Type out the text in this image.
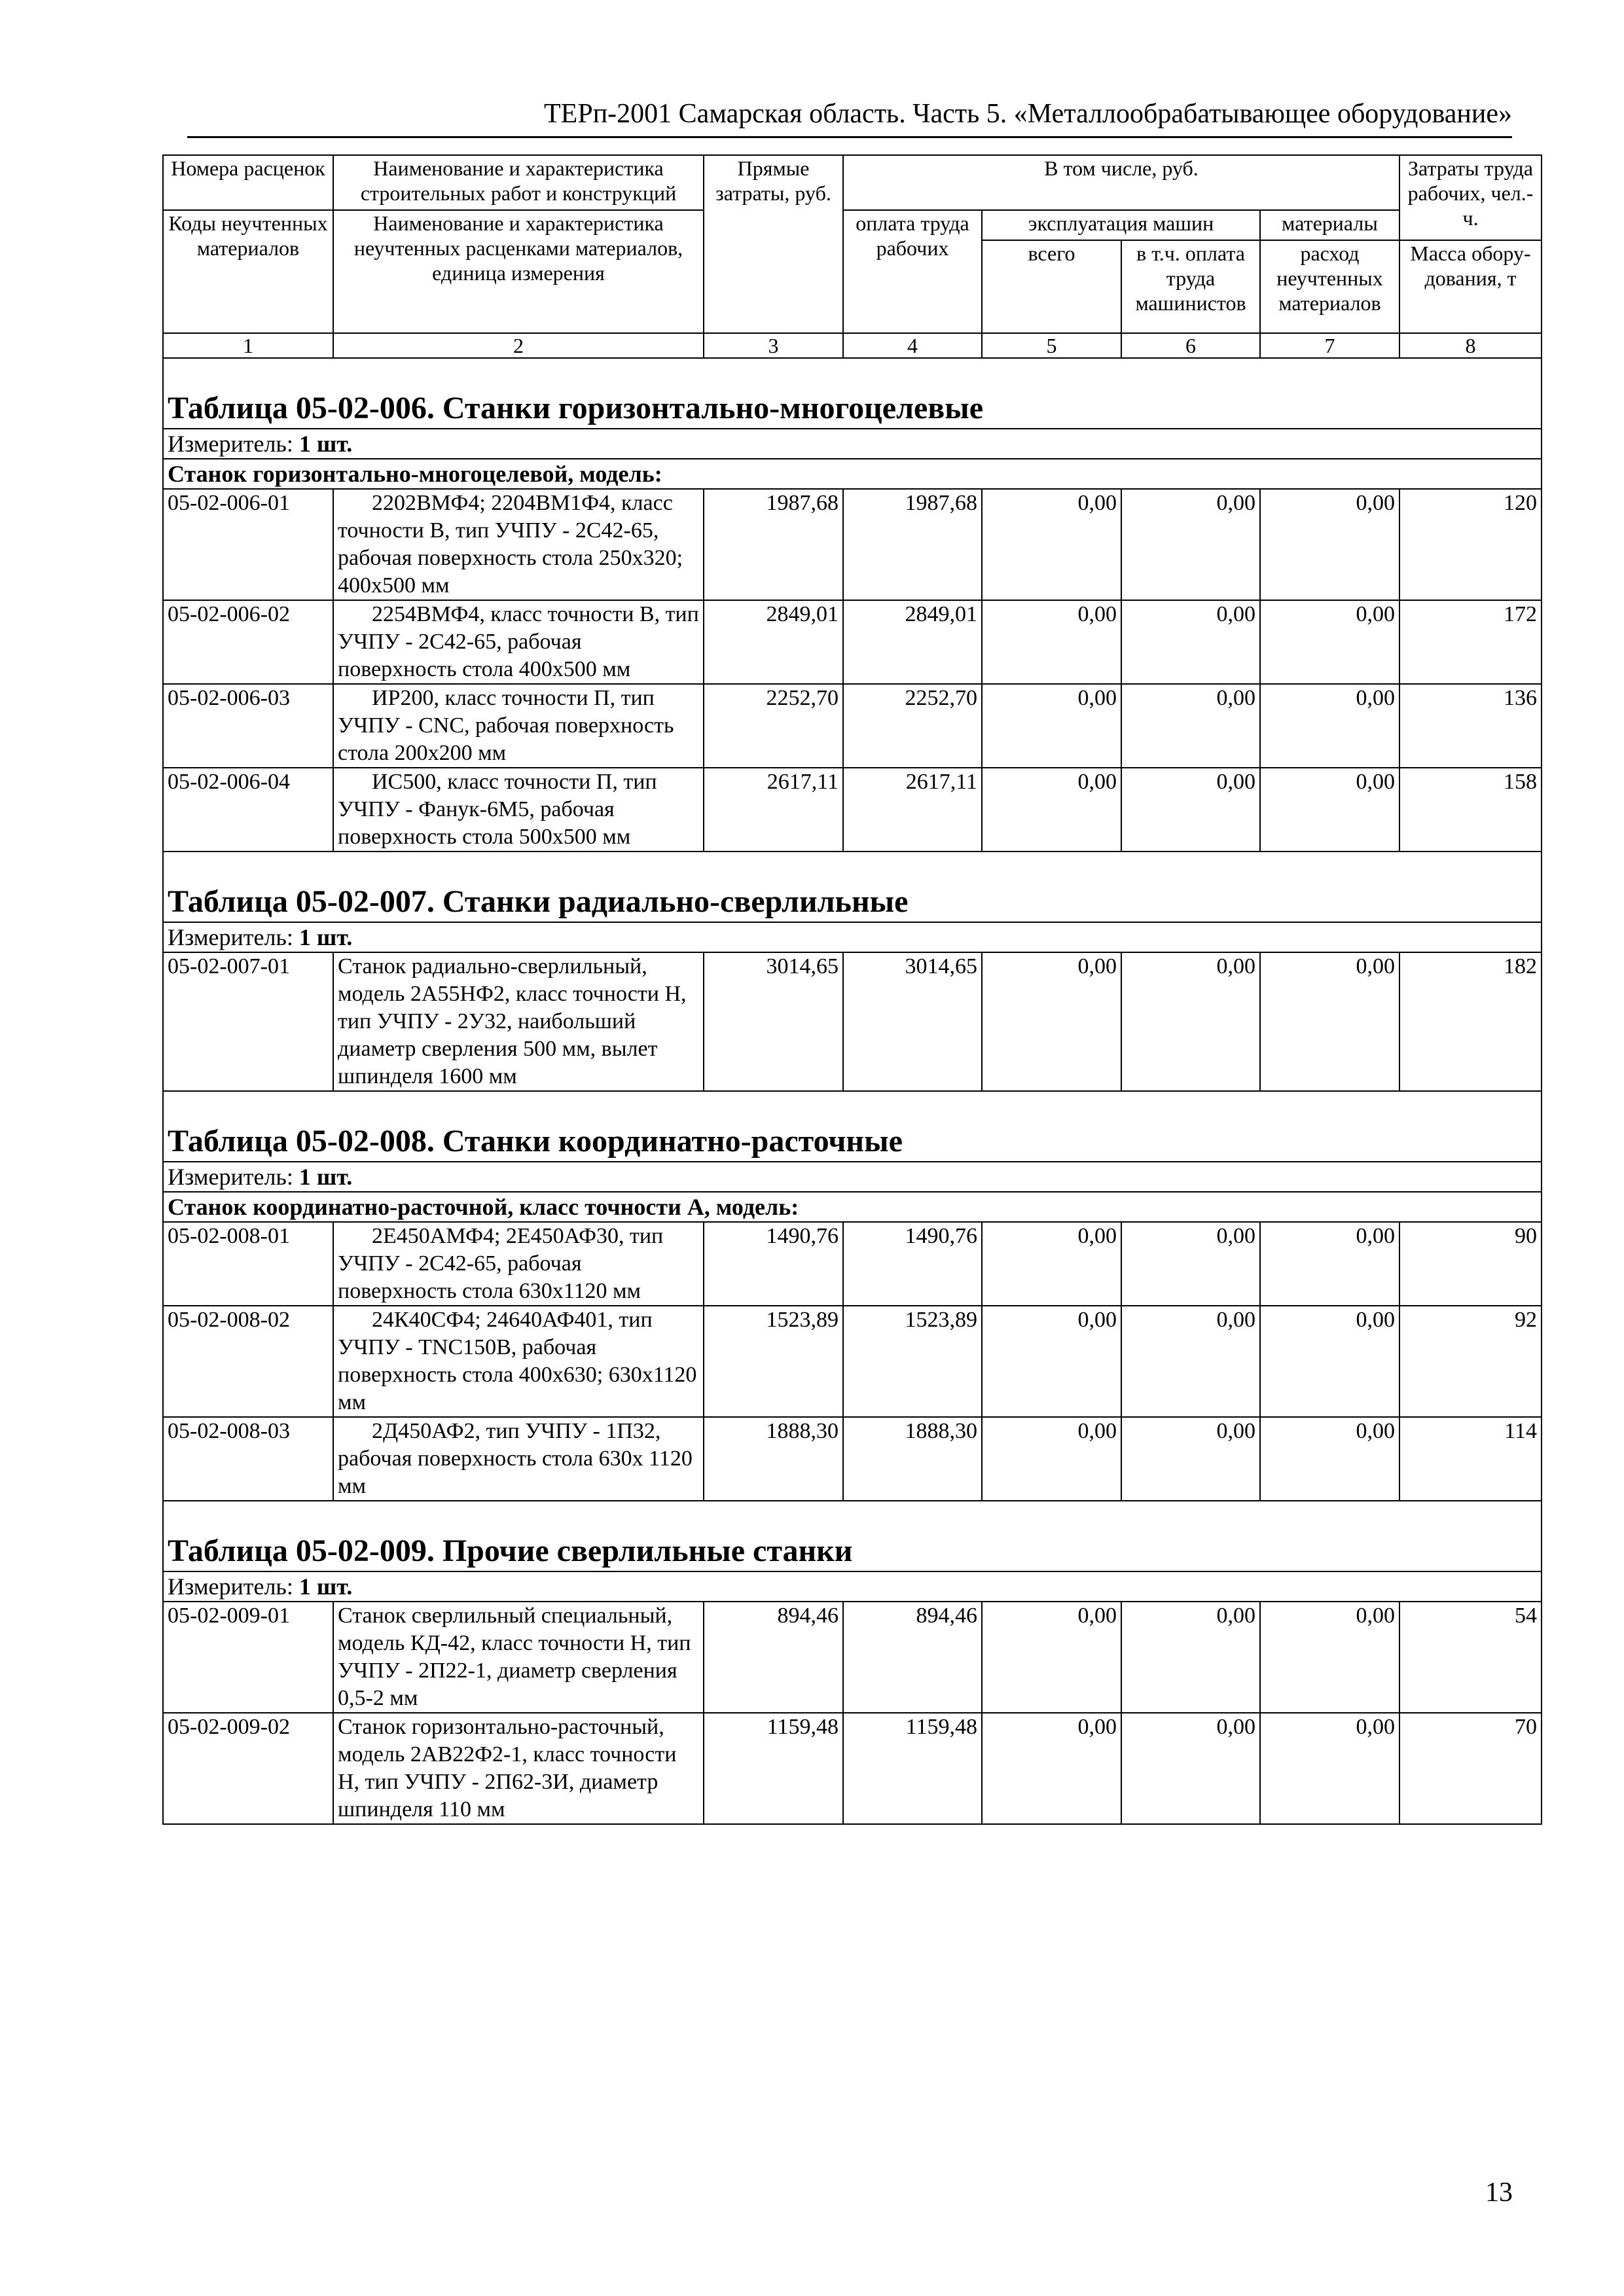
ТЕРп-2001 Самарская область. Часть 5. «Металлообрабатывающее оборудование»
Номера расценок	Наименование и характеристика строительных работ и конструкций	Прямые затраты, руб.	В том числе, руб.				Затраты труда рабочих, чел.-ч.
Коды неучтенных материалов	Наименование и характеристика неучтенных расценками материалов, единица измерения		оплата труда рабочих	эксплуатация машин		материалы	
				всего	в т.ч. оплата труда машинистов	расход неучтенных материалов	Масса обору-дования, т
1	2	3	4	5	6	7	8

Таблица 05-02-006. Станки горизонтально-многоцелевые							

Измеритель: 1 шт.							
Станок горизонтально-многоцелевой, модель:							
05-02-006-01	2202ВМФ4; 2204ВМ1Ф4, класс точности В, тип УЧПУ - 2С42-65, рабочая поверхность стола 250х320; 400х500 мм	1987,68	1987,68	0,00	0,00	0,00	120
05-02-006-02	2254ВМФ4, класс точности В, тип УЧПУ - 2С42-65, рабочая поверхность стола 400х500 мм	2849,01	2849,01	0,00	0,00	0,00	172
05-02-006-03	ИР200, класс точности П, тип УЧПУ - CNC, рабочая поверхность стола 200х200 мм	2252,70	2252,70	0,00	0,00	0,00	136
05-02-006-04	ИС500, класс точности П, тип УЧПУ - Фанук-6М5, рабочая поверхность стола 500х500 мм	2617,11	2617,11	0,00	0,00	0,00	158

Таблица 05-02-007. Станки радиально-сверлильные							

Измеритель: 1 шт.							
05-02-007-01	Станок радиально-сверлильный, модель 2А55НФ2, класс точности Н, тип УЧПУ - 2У32, наибольший диаметр сверления 500 мм, вылет шпинделя 1600 мм	3014,65	3014,65	0,00	0,00	0,00	182

Таблица 05-02-008. Станки координатно-расточные							

Измеритель: 1 шт.							
Станок координатно-расточной, класс точности А, модель:							
05-02-008-01	2Е450АМФ4; 2Е450АФ30, тип УЧПУ - 2С42-65, рабочая поверхность стола 630х1120 мм	1490,76	1490,76	0,00	0,00	0,00	90
05-02-008-02	24К40СФ4; 24640АФ401, тип УЧПУ - TNC150B, рабочая поверхность стола 400х630; 630х1120 мм	1523,89	1523,89	0,00	0,00	0,00	92
05-02-008-03	2Д450АФ2, тип УЧПУ - 1П32, рабочая поверхность стола 630х 1120 мм	1888,30	1888,30	0,00	0,00	0,00	114

Таблица 05-02-009. Прочие сверлильные станки							

Измеритель: 1 шт.							
05-02-009-01	Станок сверлильный специальный, модель КД-42, класс точности Н, тип УЧПУ - 2П22-1, диаметр сверления 0,5-2 мм	894,46	894,46	0,00	0,00	0,00	54
05-02-009-02	Станок горизонтально-расточный, модель 2АВ22Ф2-1, класс точности Н, тип УЧПУ - 2П62-3И, диаметр шпинделя 110 мм	1159,48	1159,48	0,00	0,00	0,00	70
13
